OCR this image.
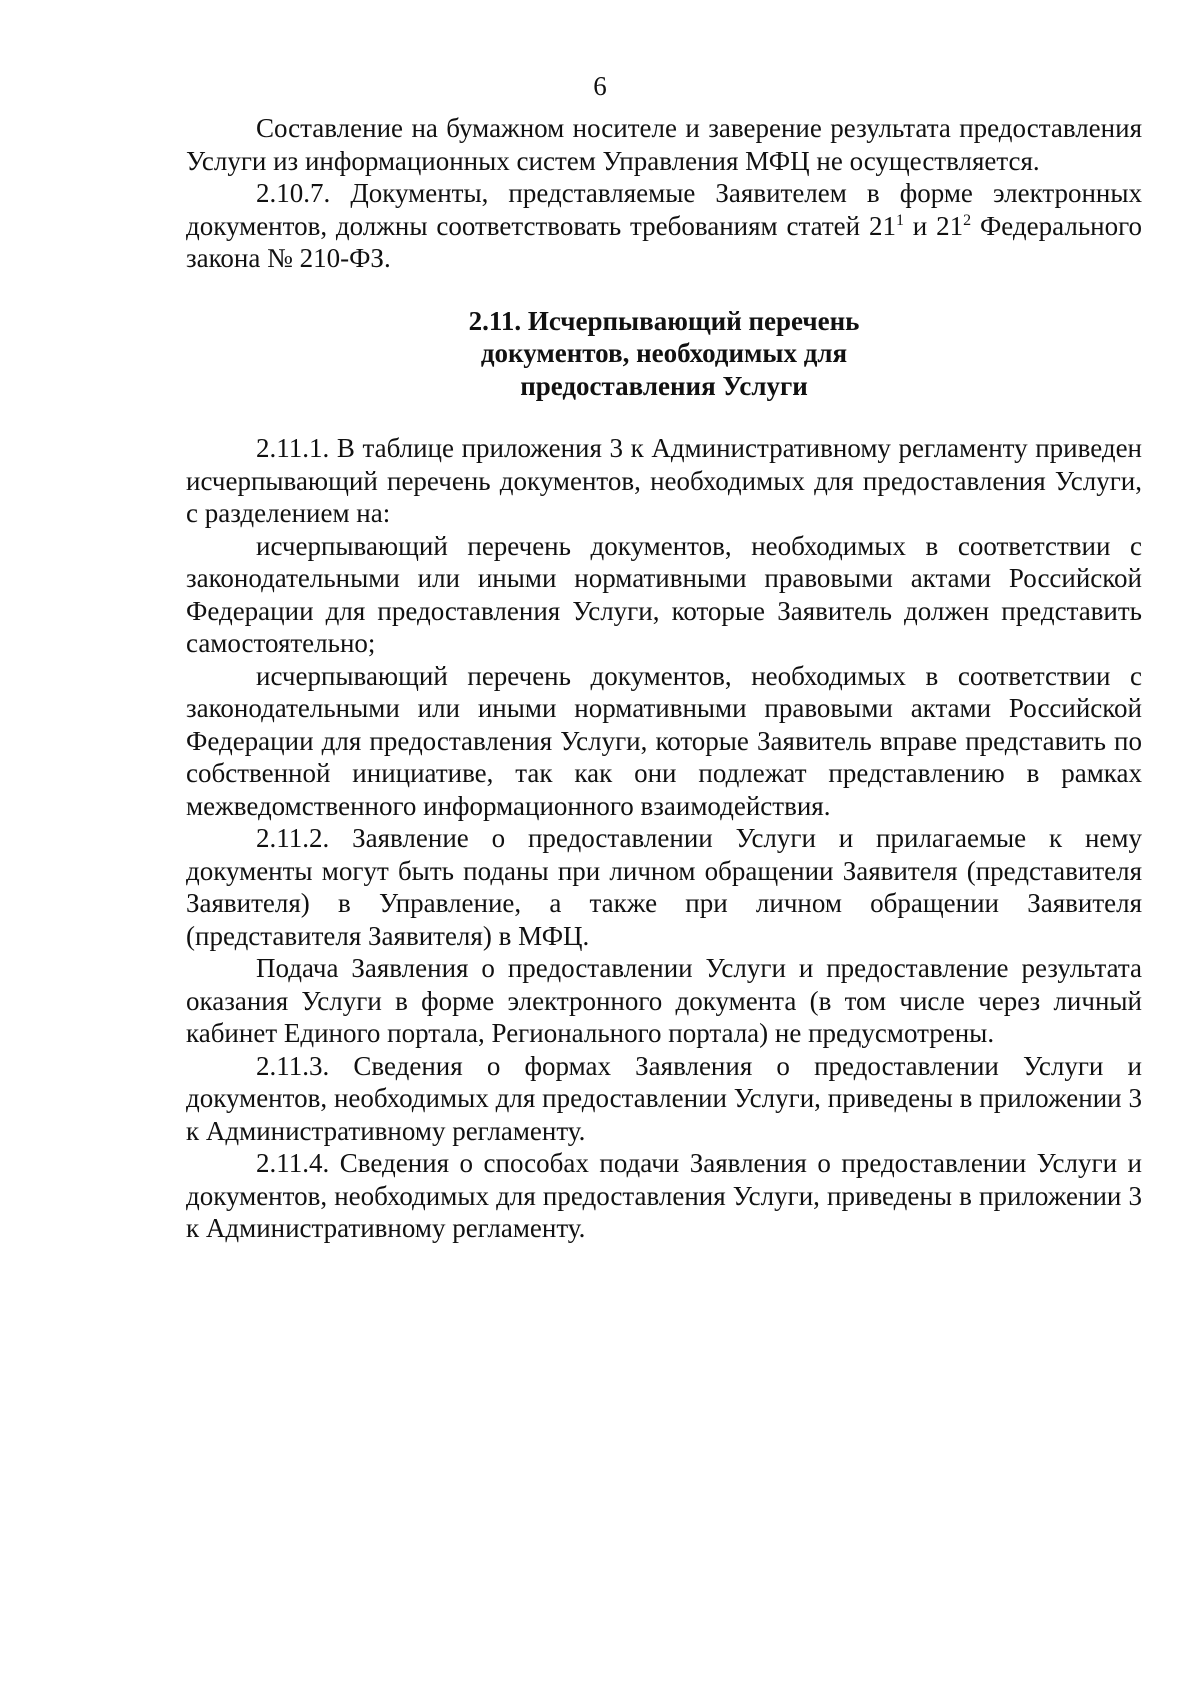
6

Составление на бумажном носителе и заверение результата предоставления Услуги из информационных систем Управления МФЦ не осуществляется.

2.10.7. Документы, представляемые Заявителем в форме электронных документов, должны соответствовать требованиям статей $21^1$ и $21^2$ Федерального закона № 210-ФЗ.

2.11. Исчерпывающий перечень
документов, необходимых для
предоставления Услуги

2.11.1. В таблице приложения 3 к Административному регламенту приведен исчерпывающий перечень документов, необходимых для предоставления Услуги, с разделением на:

исчерпывающий перечень документов, необходимых в соответствии с законодательными или иными нормативными правовыми актами Российской Федерации для предоставления Услуги, которые Заявитель должен представить самостоятельно;

исчерпывающий перечень документов, необходимых в соответствии с законодательными или иными нормативными правовыми актами Российской Федерации для предоставления Услуги, которые Заявитель вправе представить по собственной инициативе, так как они подлежат представлению в рамках межведомственного информационного взаимодействия.

2.11.2. Заявление о предоставлении Услуги и прилагаемые к нему документы могут быть поданы при личном обращении Заявителя (представителя Заявителя) в Управление, а также при личном обращении Заявителя (представителя Заявителя) в МФЦ.

Подача Заявления о предоставлении Услуги и предоставление результата оказания Услуги в форме электронного документа (в том числе через личный кабинет Единого портала, Регионального портала) не предусмотрены.

2.11.3. Сведения о формах Заявления о предоставлении Услуги и документов, необходимых для предоставлении Услуги, приведены в приложении 3 к Административному регламенту.

2.11.4. Сведения о способах подачи Заявления о предоставлении Услуги и документов, необходимых для предоставления Услуги, приведены в приложении 3 к Административному регламенту.
